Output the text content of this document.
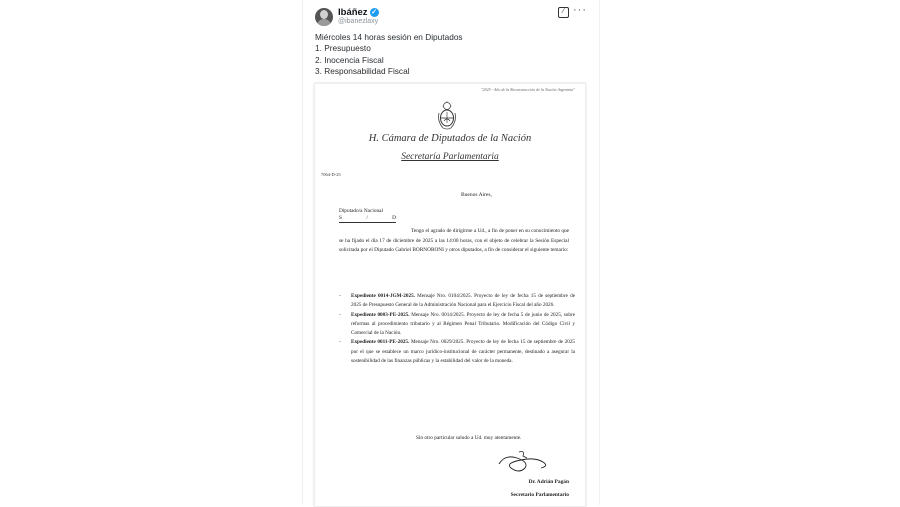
Ibáñez ✓
@ibanezlaxy
⁄ ···
Miércoles 14 horas sesión en Diputados
1. Presupuesto
2. Inocencia Fiscal
3. Responsabilidad Fiscal
"2025 - Año de la Reconstrucción de la Nación Argentina"
H. Cámara de Diputados de la Nación
Secretaría Parlamentaria
7064-D-25
Buenos Aires,
Diputado/a Nacional
S	/	D
Tengo el agrado de dirigirme a Ud., a fin de poner en su conocimiento que se ha fijado el día 17 de diciembre de 2025 a las 14:00 horas, con el objeto de celebrar la Sesión Especial solicitada por el Diputado Gabriel BORNORONI y otros diputados, a fin de considerar el siguiente temario:
- Expediente 0014-JGM-2025. Mensaje Nro. 0104/2025. Proyecto de ley de fecha 15 de septiembre de 2025 de Presupuesto General de la Administración Nacional para el Ejercicio Fiscal del año 2026.
- Expediente 0003-PE-2025. Mensaje Nro. 0014/2025. Proyecto de ley de fecha 5 de junio de 2025, sobre reformas al procedimiento tributario y al Régimen Penal Tributario. Modificación del Código Civil y Comercial de la Nación.
- Expediente 0011-PE-2025. Mensaje Nro. 0029/2025. Proyecto de ley de fecha 15 de septiembre de 2025 por el que se establece un marco jurídico-institucional de carácter permanente, destinado a asegurar la sostenibilidad de las finanzas públicas y la estabilidad del valor de la moneda.
Sin otro particular saludo a Ud. muy atentamente.
Dr. Adrián Pagán
Secretario Parlamentario
